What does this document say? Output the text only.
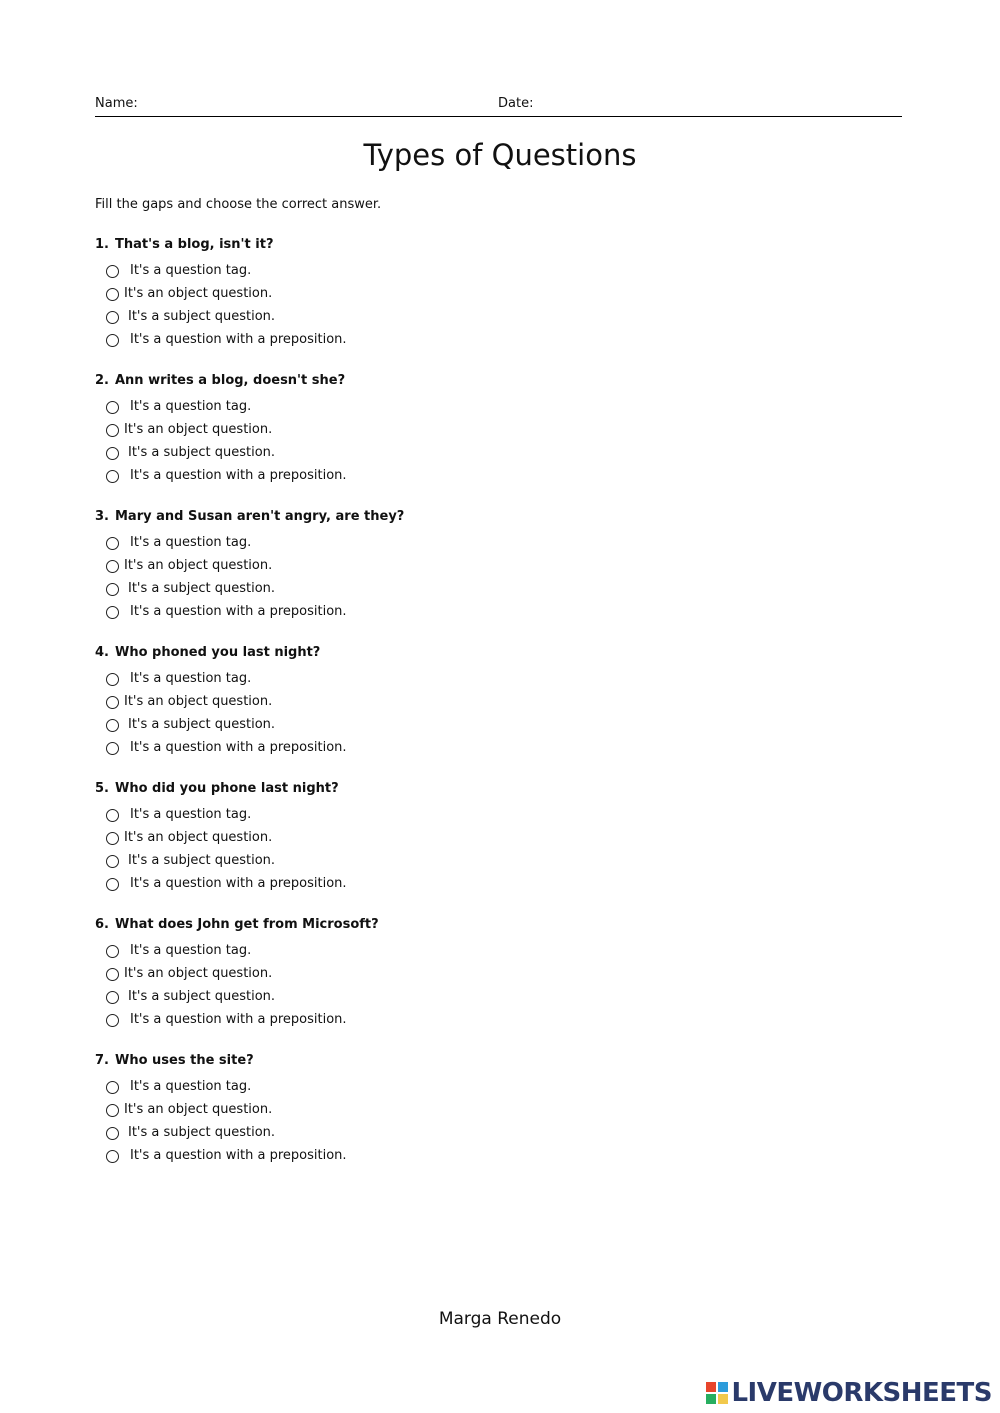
Name:	Date:
Types of Questions
Fill the gaps and choose the correct answer.
1. That's a blog, isn't it?
It's a question tag.
It's an object question.
It's a subject question.
It's a question with a preposition.
2. Ann writes a blog, doesn't she?
It's a question tag.
It's an object question.
It's a subject question.
It's a question with a preposition.
3. Mary and Susan aren't angry, are they?
It's a question tag.
It's an object question.
It's a subject question.
It's a question with a preposition.
4. Who phoned you last night?
It's a question tag.
It's an object question.
It's a subject question.
It's a question with a preposition.
5. Who did you phone last night?
It's a question tag.
It's an object question.
It's a subject question.
It's a question with a preposition.
6. What does John get from Microsoft?
It's a question tag.
It's an object question.
It's a subject question.
It's a question with a preposition.
7. Who uses the site?
It's a question tag.
It's an object question.
It's a subject question.
It's a question with a preposition.
Marga Renedo
LIVEWORKSHEETS
